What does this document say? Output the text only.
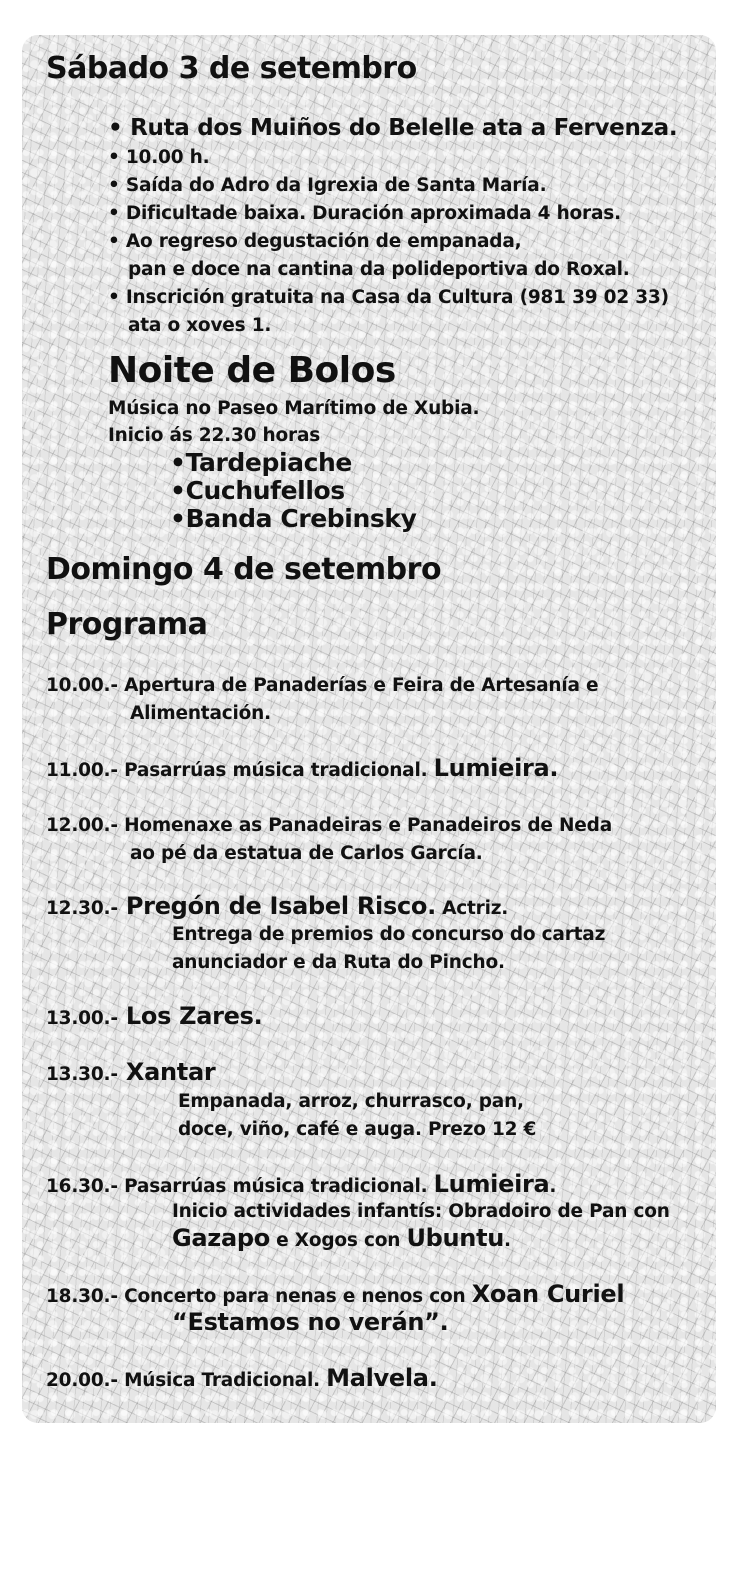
Sábado 3 de setembro
• Ruta dos Muiños do Belelle ata a Fervenza.
• 10.00 h.
• Saída do Adro da Igrexia de Santa María.
• Dificultade baixa. Duración aproximada 4 horas.
• Ao regreso degustación de empanada,
pan e doce na cantina da polideportiva do Roxal.
• Inscrición gratuita na Casa da Cultura (981 39 02 33)
ata o xoves 1.
Noite de Bolos
Música no Paseo Marítimo de Xubia.
Inicio ás 22.30 horas
•Tardepiache
•Cuchufellos
•Banda Crebinsky
Domingo 4 de setembro
Programa
10.00.- Apertura de Panaderías e Feira de Artesanía e
Alimentación.
11.00.- Pasarrúas música tradicional. Lumieira.
12.00.- Homenaxe as Panadeiras e Panadeiros de Neda
ao pé da estatua de Carlos García.
12.30.- Pregón de Isabel Risco. Actriz.
Entrega de premios do concurso do cartaz
anunciador e da Ruta do Pincho.
13.00.- Los Zares.
13.30.- Xantar
Empanada, arroz, churrasco, pan,
doce, viño, café e auga. Prezo 12 €
16.30.- Pasarrúas música tradicional. Lumieira.
Inicio actividades infantís: Obradoiro de Pan con
Gazapo e Xogos con Ubuntu.
18.30.- Concerto para nenas e nenos con Xoan Curiel
“Estamos no verán”.
20.00.- Música Tradicional. Malvela.
